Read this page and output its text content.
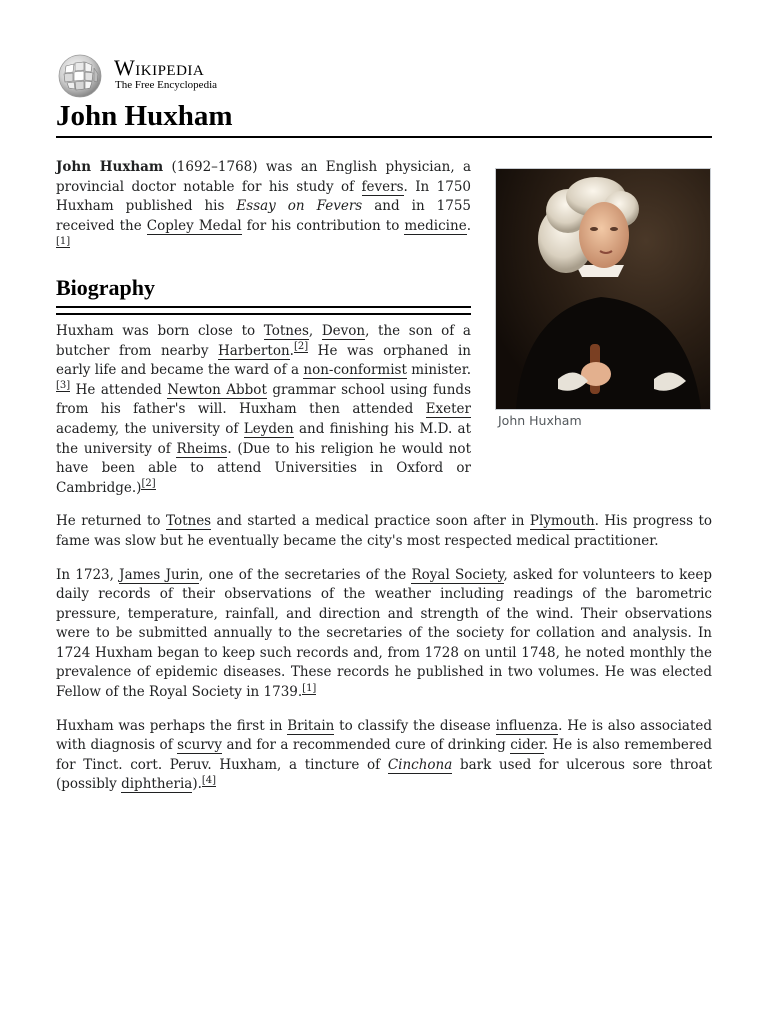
Wikipedia
The Free Encyclopedia
John Huxham
John Huxham

John Huxham (1692–1768) was an English physician, a provincial doctor notable for his study of fevers. In 1750 Huxham published his Essay on Fevers and in 1755 received the Copley Medal for his contribution to medicine.[1]

Biography

Huxham was born close to Totnes, Devon, the son of a butcher from nearby Harberton.[2] He was orphaned in early life and became the ward of a non-conformist minister.[3] He attended Newton Abbot grammar school using funds from his father's will. Huxham then attended Exeter academy, the university of Leyden and finishing his M.D. at the university of Rheims. (Due to his religion he would not have been able to attend Universities in Oxford or Cambridge.)[2]

He returned to Totnes and started a medical practice soon after in Plymouth. His progress to fame was slow but he eventually became the city's most respected medical practitioner.

In 1723, James Jurin, one of the secretaries of the Royal Society, asked for volunteers to keep daily records of their observations of the weather including readings of the barometric pressure, temperature, rainfall, and direction and strength of the wind. Their observations were to be submitted annually to the secretaries of the society for collation and analysis. In 1724 Huxham began to keep such records and, from 1728 on until 1748, he noted monthly the prevalence of epidemic diseases. These records he published in two volumes. He was elected Fellow of the Royal Society in 1739.[1]

Huxham was perhaps the first in Britain to classify the disease influenza. He is also associated with diagnosis of scurvy and for a recommended cure of drinking cider. He is also remembered for Tinct. cort. Peruv. Huxham, a tincture of Cinchona bark used for ulcerous sore throat (possibly diphtheria).[4]
